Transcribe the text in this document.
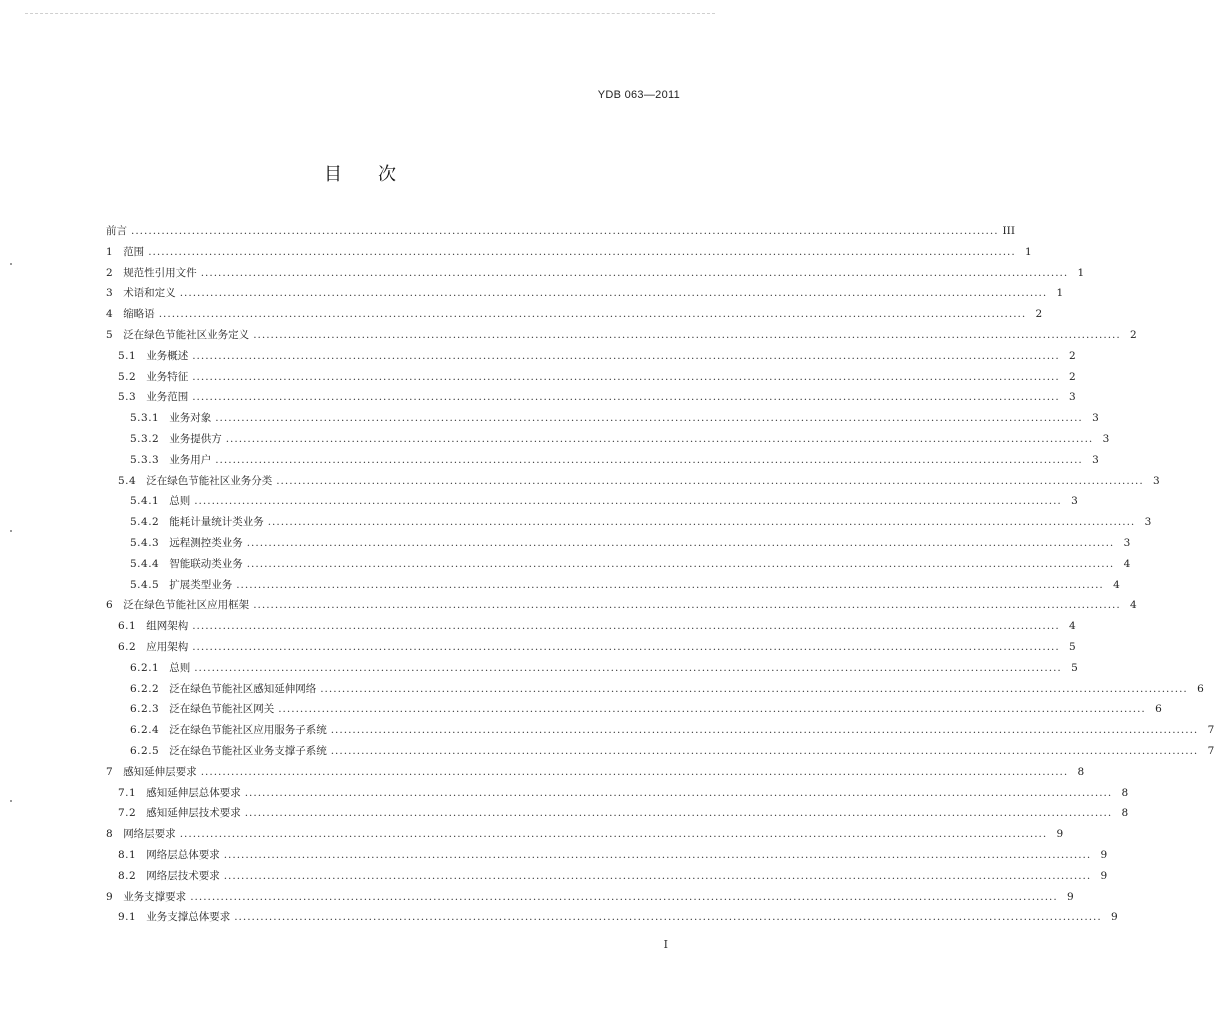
YDB 063—2011
目次
前言 ........................................................................................................................................................................................................ III
1 范围 ........................................................................................................................................................................................................ 1
2 规范性引用文件 ........................................................................................................................................................................................................ 1
3 术语和定义 ........................................................................................................................................................................................................ 1
4 缩略语 ........................................................................................................................................................................................................ 2
5 泛在绿色节能社区业务定义 ........................................................................................................................................................................................................ 2
5.1 业务概述 ........................................................................................................................................................................................................ 2
5.2 业务特征 ........................................................................................................................................................................................................ 2
5.3 业务范围 ........................................................................................................................................................................................................ 3
5.3.1 业务对象 ........................................................................................................................................................................................................ 3
5.3.2 业务提供方 ........................................................................................................................................................................................................ 3
5.3.3 业务用户 ........................................................................................................................................................................................................ 3
5.4 泛在绿色节能社区业务分类 ........................................................................................................................................................................................................ 3
5.4.1 总则 ........................................................................................................................................................................................................ 3
5.4.2 能耗计量统计类业务 ........................................................................................................................................................................................................ 3
5.4.3 远程测控类业务 ........................................................................................................................................................................................................ 3
5.4.4 智能联动类业务 ........................................................................................................................................................................................................ 4
5.4.5 扩展类型业务 ........................................................................................................................................................................................................ 4
6 泛在绿色节能社区应用框架 ........................................................................................................................................................................................................ 4
6.1 组网架构 ........................................................................................................................................................................................................ 4
6.2 应用架构 ........................................................................................................................................................................................................ 5
6.2.1 总则 ........................................................................................................................................................................................................ 5
6.2.2 泛在绿色节能社区感知延伸网络 ........................................................................................................................................................................................................ 6
6.2.3 泛在绿色节能社区网关 ........................................................................................................................................................................................................ 6
6.2.4 泛在绿色节能社区应用服务子系统 ........................................................................................................................................................................................................ 7
6.2.5 泛在绿色节能社区业务支撑子系统 ........................................................................................................................................................................................................ 7
7 感知延伸层要求 ........................................................................................................................................................................................................ 8
7.1 感知延伸层总体要求 ........................................................................................................................................................................................................ 8
7.2 感知延伸层技术要求 ........................................................................................................................................................................................................ 8
8 网络层要求 ........................................................................................................................................................................................................ 9
8.1 网络层总体要求 ........................................................................................................................................................................................................ 9
8.2 网络层技术要求 ........................................................................................................................................................................................................ 9
9 业务支撑要求 ........................................................................................................................................................................................................ 9
9.1 业务支撑总体要求 ........................................................................................................................................................................................................ 9
I
